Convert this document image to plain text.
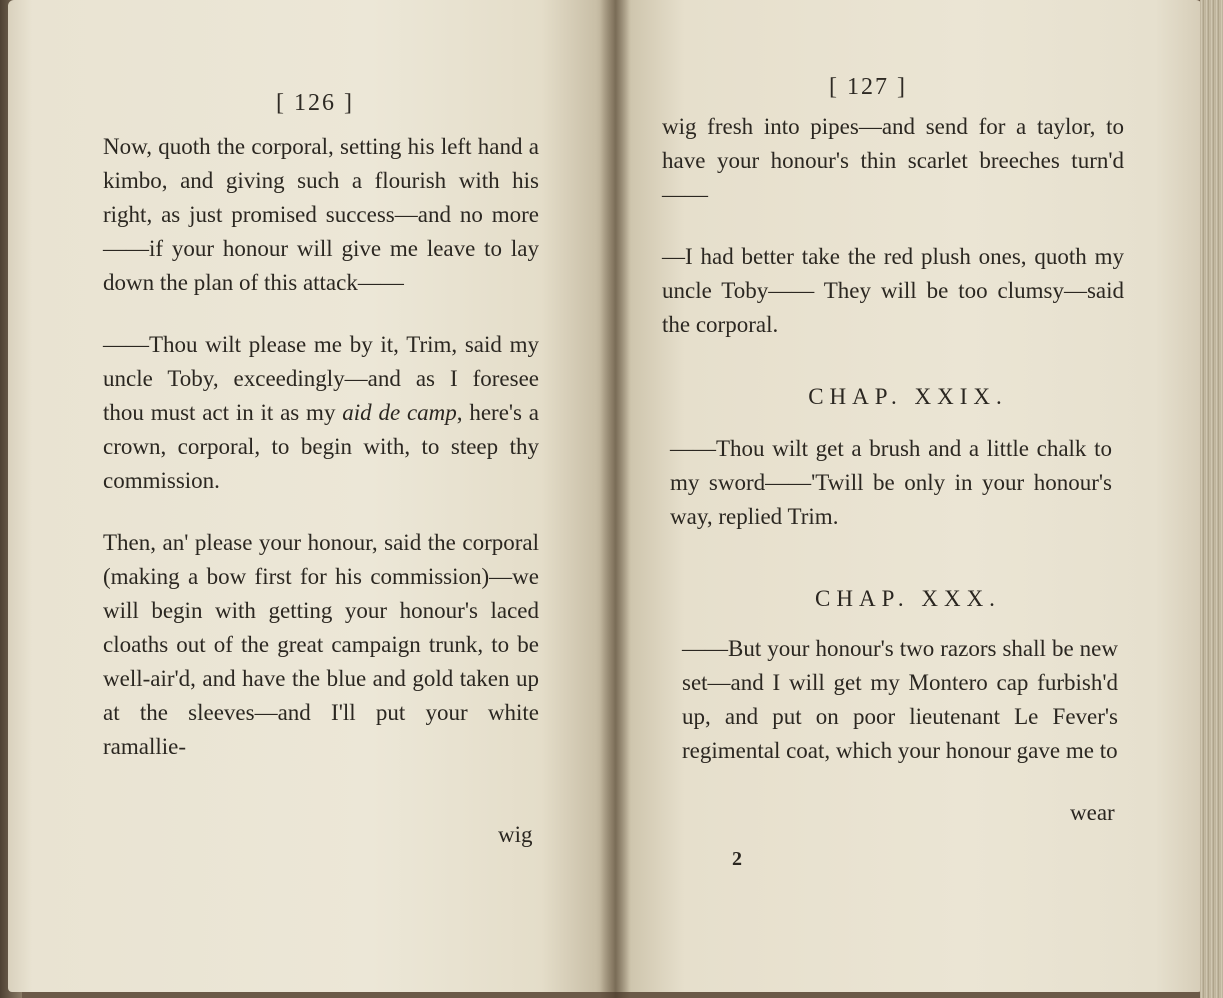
[ 126 ]

Now, quoth the corporal, setting his left hand a kimbo, and giving such a flourish with his right, as just promised success—and no more——if your honour will give me leave to lay down the plan of this attack——

——Thou wilt please me by it, Trim, said my uncle Toby, exceedingly—and as I foresee thou must act in it as my aid de camp, here's a crown, corporal, to begin with, to steep thy commission.

Then, an' please your honour, said the corporal (making a bow first for his commission)—we will begin with getting your honour's laced cloaths out of the great campaign trunk, to be well-air'd, and have the blue and gold taken up at the sleeves—and I'll put your white ramallie-

wig
[ 127 ]

wig fresh into pipes—and send for a taylor, to have your honour's thin scarlet breeches turn'd——

—I had better take the red plush ones, quoth my uncle Toby—— They will be too clumsy—said the corporal.

CHAP. XXIX.

——Thou wilt get a brush and a little chalk to my sword——'Twill be only in your honour's way, replied Trim.

CHAP. XXX.

——But your honour's two razors shall be new set—and I will get my Montero cap furbish'd up, and put on poor lieutenant Le Fever's regimental coat, which your honour gave me to

wear
2
